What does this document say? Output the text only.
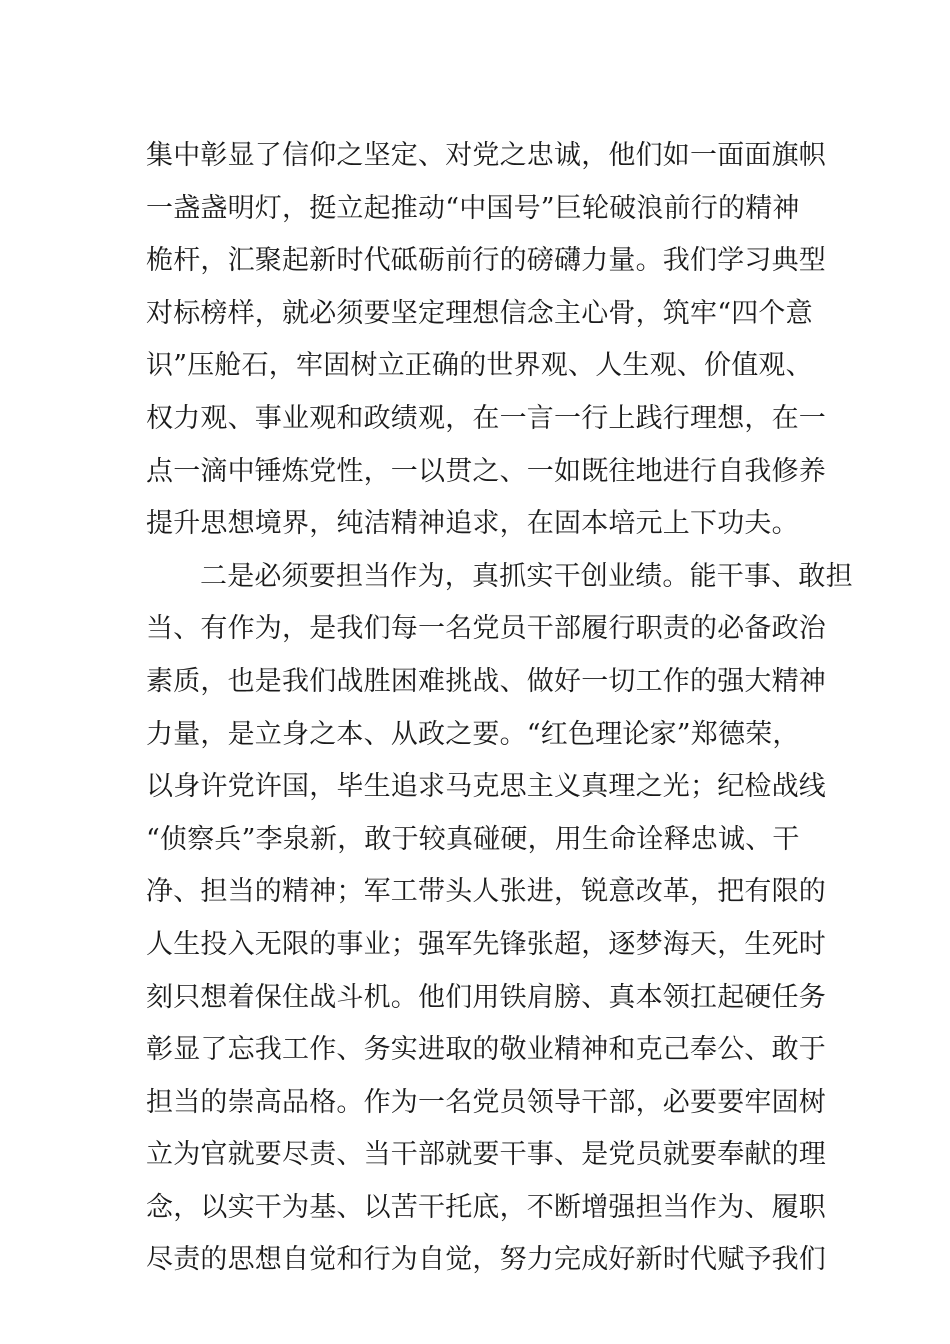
集中彰显了信仰之坚定、对党之忠诚，他们如一面面旗帜
一盏盏明灯，挺立起推动“中国号”巨轮破浪前行的精神
桅杆，汇聚起新时代砥砺前行的磅礴力量。我们学习典型
对标榜样，就必须要坚定理想信念主心骨，筑牢“四个意
识”压舱石，牢固树立正确的世界观、人生观、价值观、
权力观、事业观和政绩观，在一言一行上践行理想，在一
点一滴中锤炼党性，一以贯之、一如既往地进行自我修养
提升思想境界，纯洁精神追求，在固本培元上下功夫。
二是必须要担当作为，真抓实干创业绩。能干事、敢担
当、有作为，是我们每一名党员干部履行职责的必备政治
素质，也是我们战胜困难挑战、做好一切工作的强大精神
力量，是立身之本、从政之要。“红色理论家”郑德荣，
以身许党许国，毕生追求马克思主义真理之光；纪检战线
“侦察兵”李泉新，敢于较真碰硬，用生命诠释忠诚、干
净、担当的精神；军工带头人张进，锐意改革，把有限的
人生投入无限的事业；强军先锋张超，逐梦海天，生死时
刻只想着保住战斗机。他们用铁肩膀、真本领扛起硬任务
彰显了忘我工作、务实进取的敬业精神和克己奉公、敢于
担当的崇高品格。作为一名党员领导干部，必要要牢固树
立为官就要尽责、当干部就要干事、是党员就要奉献的理
念，以实干为基、以苦干托底，不断增强担当作为、履职
尽责的思想自觉和行为自觉，努力完成好新时代赋予我们
